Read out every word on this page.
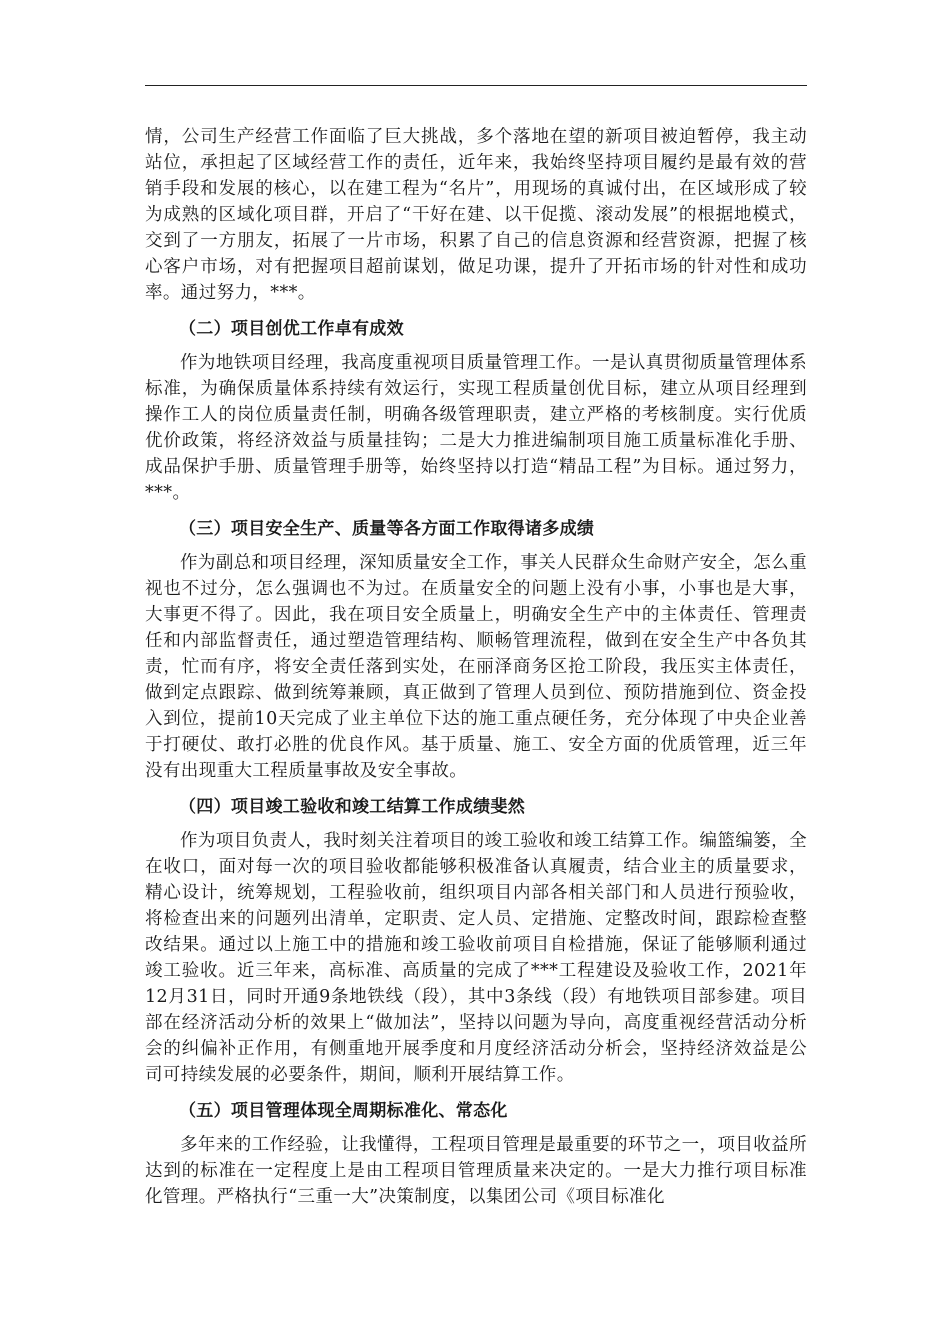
情，公司生产经营工作面临了巨大挑战，多个落地在望的新项目被迫暂停，我主动站位，承担起了区域经营工作的责任，近年来，我始终坚持项目履约是最有效的营销手段和发展的核心，以在建工程为“名片”，用现场的真诚付出，在区域形成了较为成熟的区域化项目群，开启了“干好在建、以干促揽、滚动发展”的根据地模式，交到了一方朋友，拓展了一片市场，积累了自己的信息资源和经营资源，把握了核心客户市场，对有把握项目超前谋划，做足功课，提升了开拓市场的针对性和成功率。通过努力，***。

（二）项目创优工作卓有成效

作为地铁项目经理，我高度重视项目质量管理工作。一是认真贯彻质量管理体系标准，为确保质量体系持续有效运行，实现工程质量创优目标，建立从项目经理到操作工人的岗位质量责任制，明确各级管理职责，建立严格的考核制度。实行优质优价政策，将经济效益与质量挂钩；二是大力推进编制项目施工质量标准化手册、成品保护手册、质量管理手册等，始终坚持以打造“精品工程”为目标。通过努力，***。

（三）项目安全生产、质量等各方面工作取得诸多成绩

作为副总和项目经理，深知质量安全工作，事关人民群众生命财产安全，怎么重视也不过分，怎么强调也不为过。在质量安全的问题上没有小事，小事也是大事，大事更不得了。因此，我在项目安全质量上，明确安全生产中的主体责任、管理责任和内部监督责任，通过塑造管理结构、顺畅管理流程，做到在安全生产中各负其责，忙而有序，将安全责任落到实处，在丽泽商务区抢工阶段，我压实主体责任，做到定点跟踪、做到统筹兼顾，真正做到了管理人员到位、预防措施到位、资金投入到位，提前10天完成了业主单位下达的施工重点硬任务，充分体现了中央企业善于打硬仗、敢打必胜的优良作风。基于质量、施工、安全方面的优质管理，近三年没有出现重大工程质量事故及安全事故。

（四）项目竣工验收和竣工结算工作成绩斐然

作为项目负责人，我时刻关注着项目的竣工验收和竣工结算工作。编篮编篓，全在收口，面对每一次的项目验收都能够积极准备认真履责，结合业主的质量要求，精心设计，统筹规划，工程验收前，组织项目内部各相关部门和人员进行预验收，将检查出来的问题列出清单，定职责、定人员、定措施、定整改时间，跟踪检查整改结果。通过以上施工中的措施和竣工验收前项目自检措施，保证了能够顺利通过竣工验收。近三年来，高标准、高质量的完成了***工程建设及验收工作，2021年12月31日，同时开通9条地铁线（段），其中3条线（段）有地铁项目部参建。项目部在经济活动分析的效果上“做加法”，坚持以问题为导向，高度重视经营活动分析会的纠偏补正作用，有侧重地开展季度和月度经济活动分析会，坚持经济效益是公司可持续发展的必要条件，期间，顺利开展结算工作。

（五）项目管理体现全周期标准化、常态化

多年来的工作经验，让我懂得，工程项目管理是最重要的环节之一，项目收益所达到的标准在一定程度上是由工程项目管理质量来决定的。一是大力推行项目标准化管理。严格执行“三重一大”决策制度，以集团公司《项目标准化
